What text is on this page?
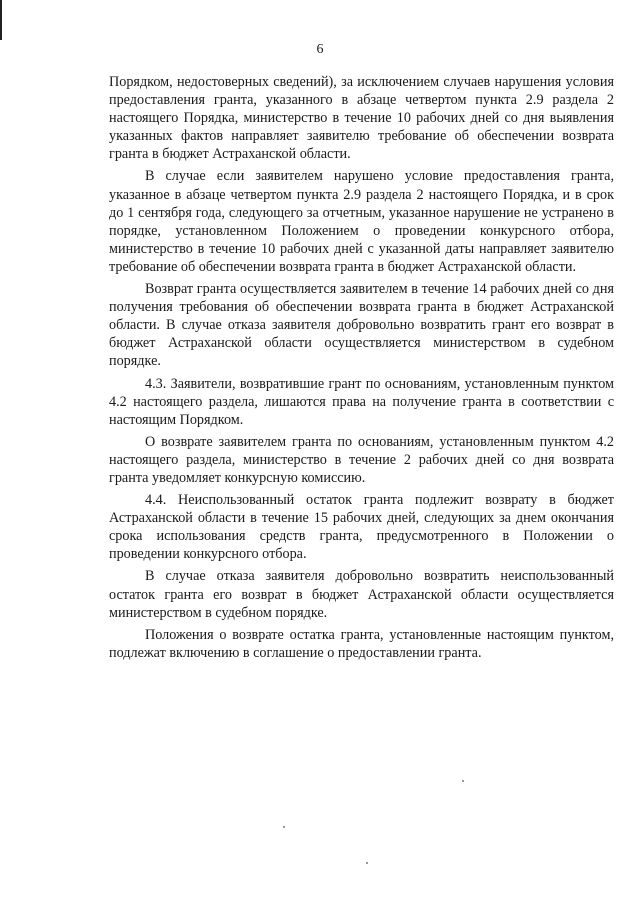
6

Порядком, недостоверных сведений), за исключением случаев нарушения условия предоставления гранта, указанного в абзаце четвертом пункта 2.9 раздела 2 настоящего Порядка, министерство в течение 10 рабочих дней со дня выявления указанных фактов направляет заявителю требование об обеспечении возврата гранта в бюджет Астраханской области.

В случае если заявителем нарушено условие предоставления гранта, указанное в абзаце четвертом пункта 2.9 раздела 2 настоящего Порядка, и в срок до 1 сентября года, следующего за отчетным, указанное нарушение не устранено в порядке, установленном Положением о проведении конкурсного отбора, министерство в течение 10 рабочих дней с указанной даты направляет заявителю требование об обеспечении возврата гранта в бюджет Астраханской области.

Возврат гранта осуществляется заявителем в течение 14 рабочих дней со дня получения требования об обеспечении возврата гранта в бюджет Астраханской области. В случае отказа заявителя добровольно возвратить грант его возврат в бюджет Астраханской области осуществляется министерством в судебном порядке.

4.3. Заявители, возвратившие грант по основаниям, установленным пунктом 4.2 настоящего раздела, лишаются права на получение гранта в соответствии с настоящим Порядком.

О возврате заявителем гранта по основаниям, установленным пунктом 4.2 настоящего раздела, министерство в течение 2 рабочих дней со дня возврата гранта уведомляет конкурсную комиссию.

4.4. Неиспользованный остаток гранта подлежит возврату в бюджет Астраханской области в течение 15 рабочих дней, следующих за днем окончания срока использования средств гранта, предусмотренного в Положении о проведении конкурсного отбора.

В случае отказа заявителя добровольно возвратить неиспользованный остаток гранта его возврат в бюджет Астраханской области осуществляется министерством в судебном порядке.

Положения о возврате остатка гранта, установленные настоящим пунктом, подлежат включению в соглашение о предоставлении гранта.
